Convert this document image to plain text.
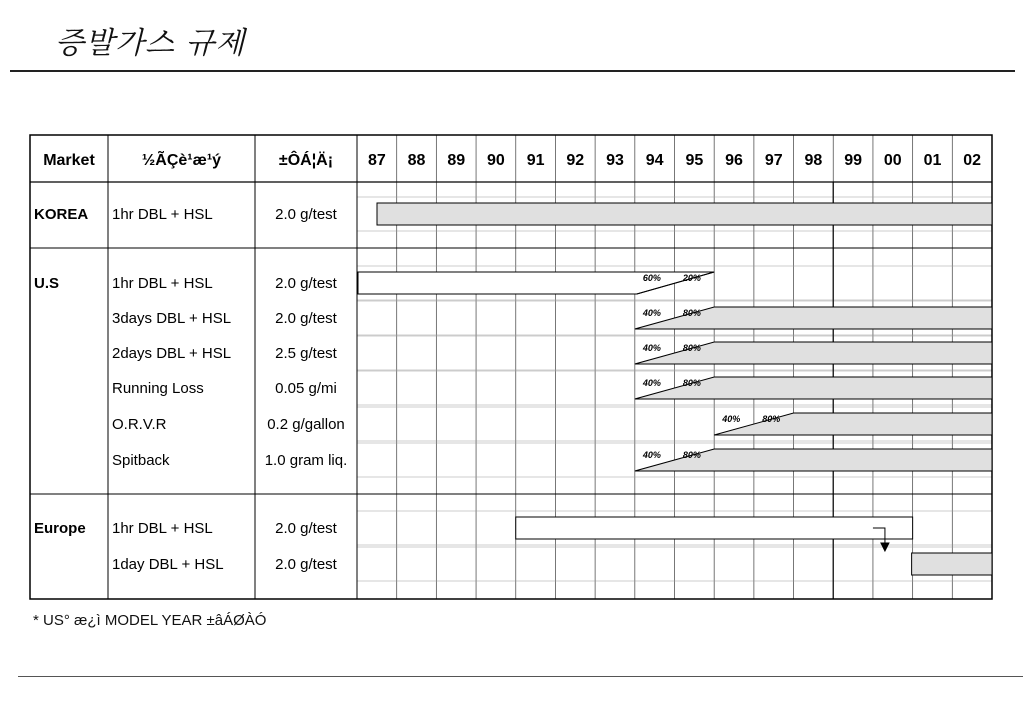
증발가스 규제
Market	½ÃÇè¹æ¹ý	±ÔÁ¦Ä¡ 87 88 89 90 91 92 93 94 95 96 97 98 99 00 01 02
KOREA 1hr DBL + HSL	2.0 g/test
U.S	1hr DBL + HSL	2.0 g/test	60% 20%
3days DBL + HSL	2.0 g/test	40% 80%
2days DBL + HSL	2.5 g/test	40% 80%
Running Loss	0.05 g/mi	40% 80%
O.R.V.R	0.2 g/gallon	40% 80%
Spitback	1.0 gram liq.	40% 80%
Europe 1hr DBL + HSL	2.0 g/test
1day DBL + HSL	2.0 g/test
* US° æ¿ì MODEL YEAR ±âÁØÀÓ
